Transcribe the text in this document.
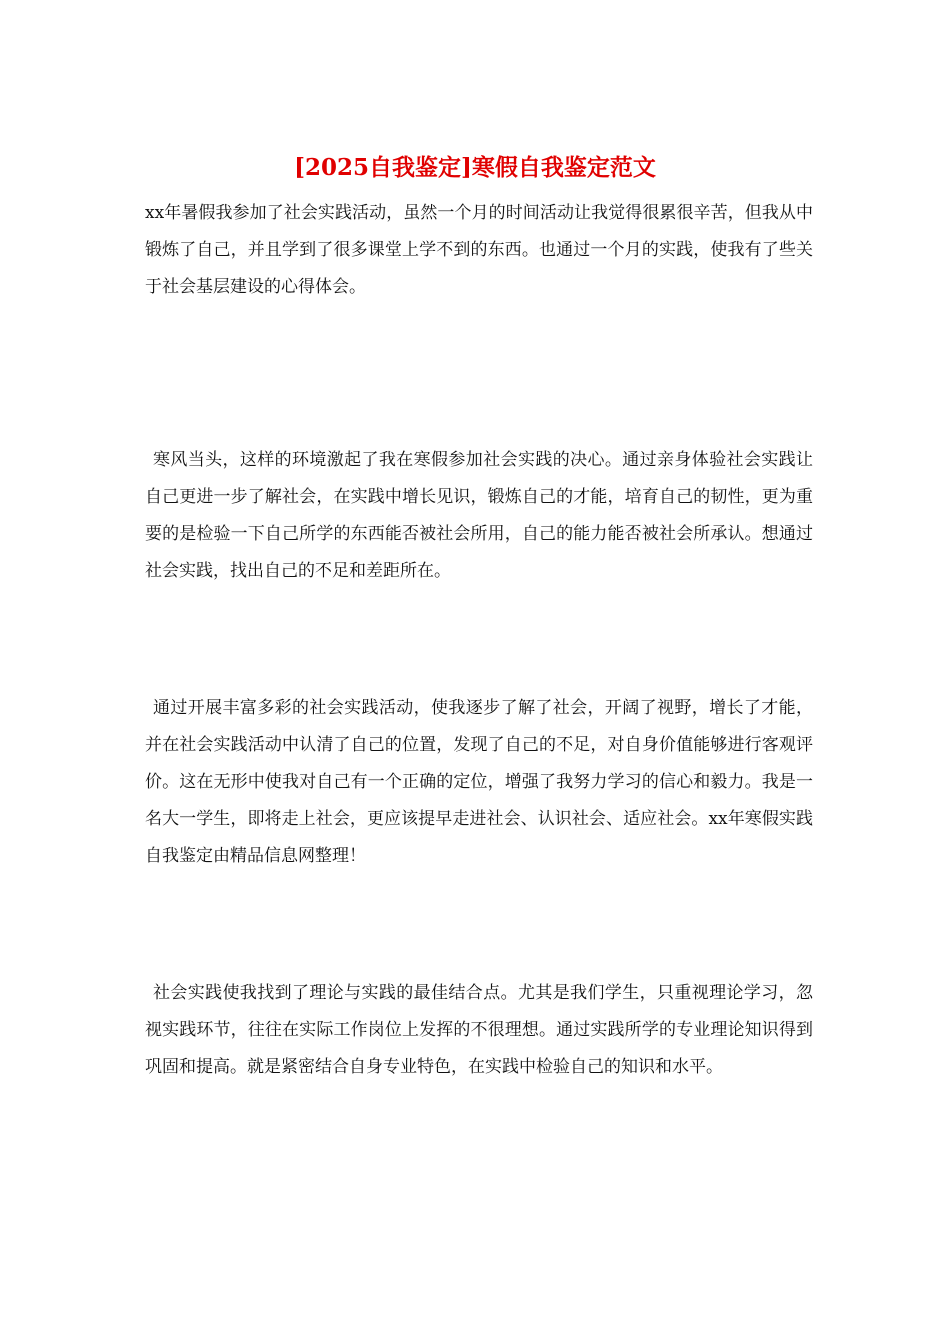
[2025自我鉴定]寒假自我鉴定范文

xx年暑假我参加了社会实践活动，虽然一个月的时间活动让我觉得很累很辛苦，但我从中锻炼了自己，并且学到了很多课堂上学不到的东西。也通过一个月的实践，使我有了些关于社会基层建设的心得体会。

寒风当头，这样的环境激起了我在寒假参加社会实践的决心。通过亲身体验社会实践让自己更进一步了解社会，在实践中增长见识，锻炼自己的才能，培育自己的韧性，更为重要的是检验一下自己所学的东西能否被社会所用，自己的能力能否被社会所承认。想通过社会实践，找出自己的不足和差距所在。

通过开展丰富多彩的社会实践活动，使我逐步了解了社会，开阔了视野，增长了才能，并在社会实践活动中认清了自己的位置，发现了自己的不足，对自身价值能够进行客观评价。这在无形中使我对自己有一个正确的定位，增强了我努力学习的信心和毅力。我是一名大一学生，即将走上社会，更应该提早走进社会、认识社会、适应社会。xx年寒假实践自我鉴定由精品信息网整理！

社会实践使我找到了理论与实践的最佳结合点。尤其是我们学生，只重视理论学习，忽视实践环节，往往在实际工作岗位上发挥的不很理想。通过实践所学的专业理论知识得到巩固和提高。就是紧密结合自身专业特色，在实践中检验自己的知识和水平。
